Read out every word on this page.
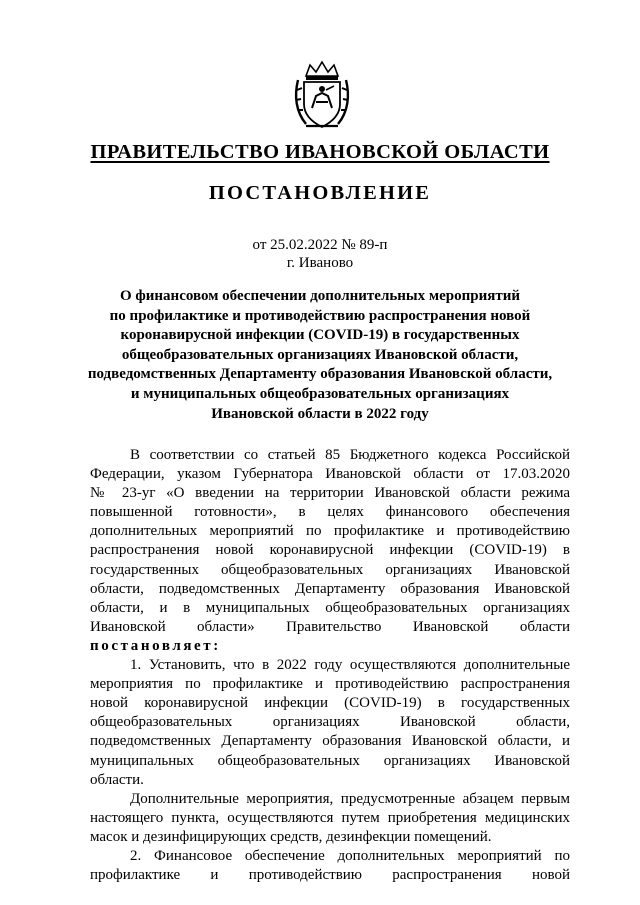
ПРАВИТЕЛЬСТВО ИВАНОВСКОЙ ОБЛАСТИ
ПОСТАНОВЛЕНИЕ
от 25.02.2022 № 89-п
г. Иваново
О финансовом обеспечении дополнительных мероприятий
по профилактике и противодействию распространения новой
коронавирусной инфекции (COVID-19) в государственных
общеобразовательных организациях Ивановской области,
подведомственных Департаменту образования Ивановской области,
и муниципальных общеобразовательных организациях
Ивановской области в 2022 году
В соответствии со статьей 85 Бюджетного кодекса Российской
Федерации, указом Губернатора Ивановской области от 17.03.2020
№ 23-уг «О введении на территории Ивановской области режима
повышенной готовности», в целях финансового обеспечения
дополнительных мероприятий по профилактике и противодействию
распространения новой коронавирусной инфекции (COVID-19) в
государственных общеобразовательных организациях Ивановской
области, подведомственных Департаменту образования Ивановской
области, и в муниципальных общеобразовательных организациях
Ивановской области» Правительство Ивановской области
постановляет:
1. Установить, что в 2022 году осуществляются дополнительные
мероприятия по профилактике и противодействию распространения
новой коронавирусной инфекции (COVID-19) в государственных
общеобразовательных организациях Ивановской области,
подведомственных Департаменту образования Ивановской области, и
муниципальных общеобразовательных организациях Ивановской
области.
Дополнительные мероприятия, предусмотренные абзацем первым
настоящего пункта, осуществляются путем приобретения медицинских
масок и дезинфицирующих средств, дезинфекции помещений.
2. Финансовое обеспечение дополнительных мероприятий по
профилактике и противодействию распространения новой
